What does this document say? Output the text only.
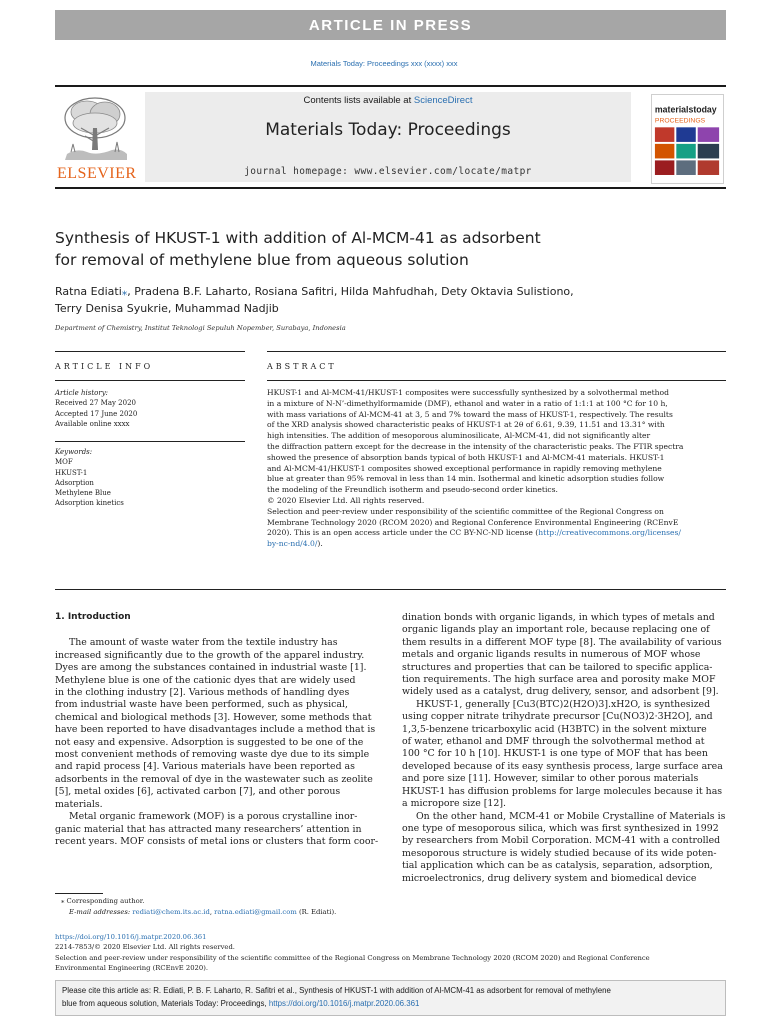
ARTICLE IN PRESS
Materials Today: Proceedings xxx (xxxx) xxx
ELSEVIER
Contents lists available at ScienceDirect
Materials Today: Proceedings
journal homepage: www.elsevier.com/locate/matpr
materialstoday
PROCEEDINGS
Synthesis of HKUST-1 with addition of Al-MCM-41 as adsorbent
for removal of methylene blue from aqueous solution
Ratna Ediati⁎, Pradena B.F. Laharto, Rosiana Safitri, Hilda Mahfudhah, Dety Oktavia Sulistiono,
Terry Denisa Syukrie, Muhammad Nadjib
Department of Chemistry, Institut Teknologi Sepuluh Nopember, Surabaya, Indonesia
ARTICLE INFO	ABSTRACT
Article history:
Received 27 May 2020
Accepted 17 June 2020
Available online xxxx
Keywords:
MOF
HKUST-1
Adsorption
Methylene Blue
Adsorption kinetics
HKUST-1 and Al-MCM-41/HKUST-1 composites were successfully synthesized by a solvothermal method
in a mixture of N-N’-dimethylformamide (DMF), ethanol and water in a ratio of 1:1:1 at 100 °C for 10 h,
with mass variations of Al-MCM-41 at 3, 5 and 7% toward the mass of HKUST-1, respectively. The results
of the XRD analysis showed characteristic peaks of HKUST-1 at 2θ of 6.61, 9.39, 11.51 and 13.31° with
high intensities. The addition of mesoporous aluminosilicate, Al-MCM-41, did not significantly alter
the diffraction pattern except for the decrease in the intensity of the characteristic peaks. The FTIR spectra
showed the presence of absorption bands typical of both HKUST-1 and Al-MCM-41 materials. HKUST-1
and Al-MCM-41/HKUST-1 composites showed exceptional performance in rapidly removing methylene
blue at greater than 95% removal in less than 14 min. Isothermal and kinetic adsorption studies follow
the modeling of the Freundlich isotherm and pseudo-second order kinetics.
© 2020 Elsevier Ltd. All rights reserved.
Selection and peer-review under responsibility of the scientific committee of the Regional Congress on
Membrane Technology 2020 (RCOM 2020) and Regional Conference Environmental Engineering (RCEnvE
2020). This is an open access article under the CC BY-NC-ND license (http://creativecommons.org/licenses/
by-nc-nd/4.0/).
1. Introduction
The amount of waste water from the textile industry has
increased significantly due to the growth of the apparel industry.
Dyes are among the substances contained in industrial waste [1].
Methylene blue is one of the cationic dyes that are widely used
in the clothing industry [2]. Various methods of handling dyes
from industrial waste have been performed, such as physical,
chemical and biological methods [3]. However, some methods that
have been reported to have disadvantages include a method that is
not easy and expensive. Adsorption is suggested to be one of the
most convenient methods of removing waste dye due to its simple
and rapid process [4]. Various materials have been reported as
adsorbents in the removal of dye in the wastewater such as zeolite
[5], metal oxides [6], activated carbon [7], and other porous
materials.
Metal organic framework (MOF) is a porous crystalline inor-
ganic material that has attracted many researchers’ attention in
recent years. MOF consists of metal ions or clusters that form coor-
dination bonds with organic ligands, in which types of metals and
organic ligands play an important role, because replacing one of
them results in a different MOF type [8]. The availability of various
metals and organic ligands results in numerous of MOF whose
structures and properties that can be tailored to specific applica-
tion requirements. The high surface area and porosity make MOF
widely used as a catalyst, drug delivery, sensor, and adsorbent [9].
HKUST-1, generally [Cu3(BTC)2(H2O)3].xH2O, is synthesized
using copper nitrate trihydrate precursor [Cu(NO3)2·3H2O], and
1,3,5-benzene tricarboxylic acid (H3BTC) in the solvent mixture
of water, ethanol and DMF through the solvothermal method at
100 °C for 10 h [10]. HKUST-1 is one type of MOF that has been
developed because of its easy synthesis process, large surface area
and pore size [11]. However, similar to other porous materials
HKUST-1 has diffusion problems for large molecules because it has
a micropore size [12].
On the other hand, MCM-41 or Mobile Crystalline of Materials is
one type of mesoporous silica, which was first synthesized in 1992
by researchers from Mobil Corporation. MCM-41 with a controlled
mesoporous structure is widely studied because of its wide poten-
tial application which can be as catalysis, separation, adsorption,
microelectronics, drug delivery system and biomedical device
⁎ Corresponding author.
E-mail addresses: rediati@chem.its.ac.id, ratna.ediati@gmail.com (R. Ediati).
https://doi.org/10.1016/j.matpr.2020.06.361
2214-7853/© 2020 Elsevier Ltd. All rights reserved.
Selection and peer-review under responsibility of the scientific committee of the Regional Congress on Membrane Technology 2020 (RCOM 2020) and Regional Conference
Environmental Engineering (RCEnvE 2020).
Please cite this article as: R. Ediati, P. B. F. Laharto, R. Safitri et al., Synthesis of HKUST-1 with addition of Al-MCM-41 as adsorbent for removal of methylene
blue from aqueous solution, Materials Today: Proceedings, https://doi.org/10.1016/j.matpr.2020.06.361
